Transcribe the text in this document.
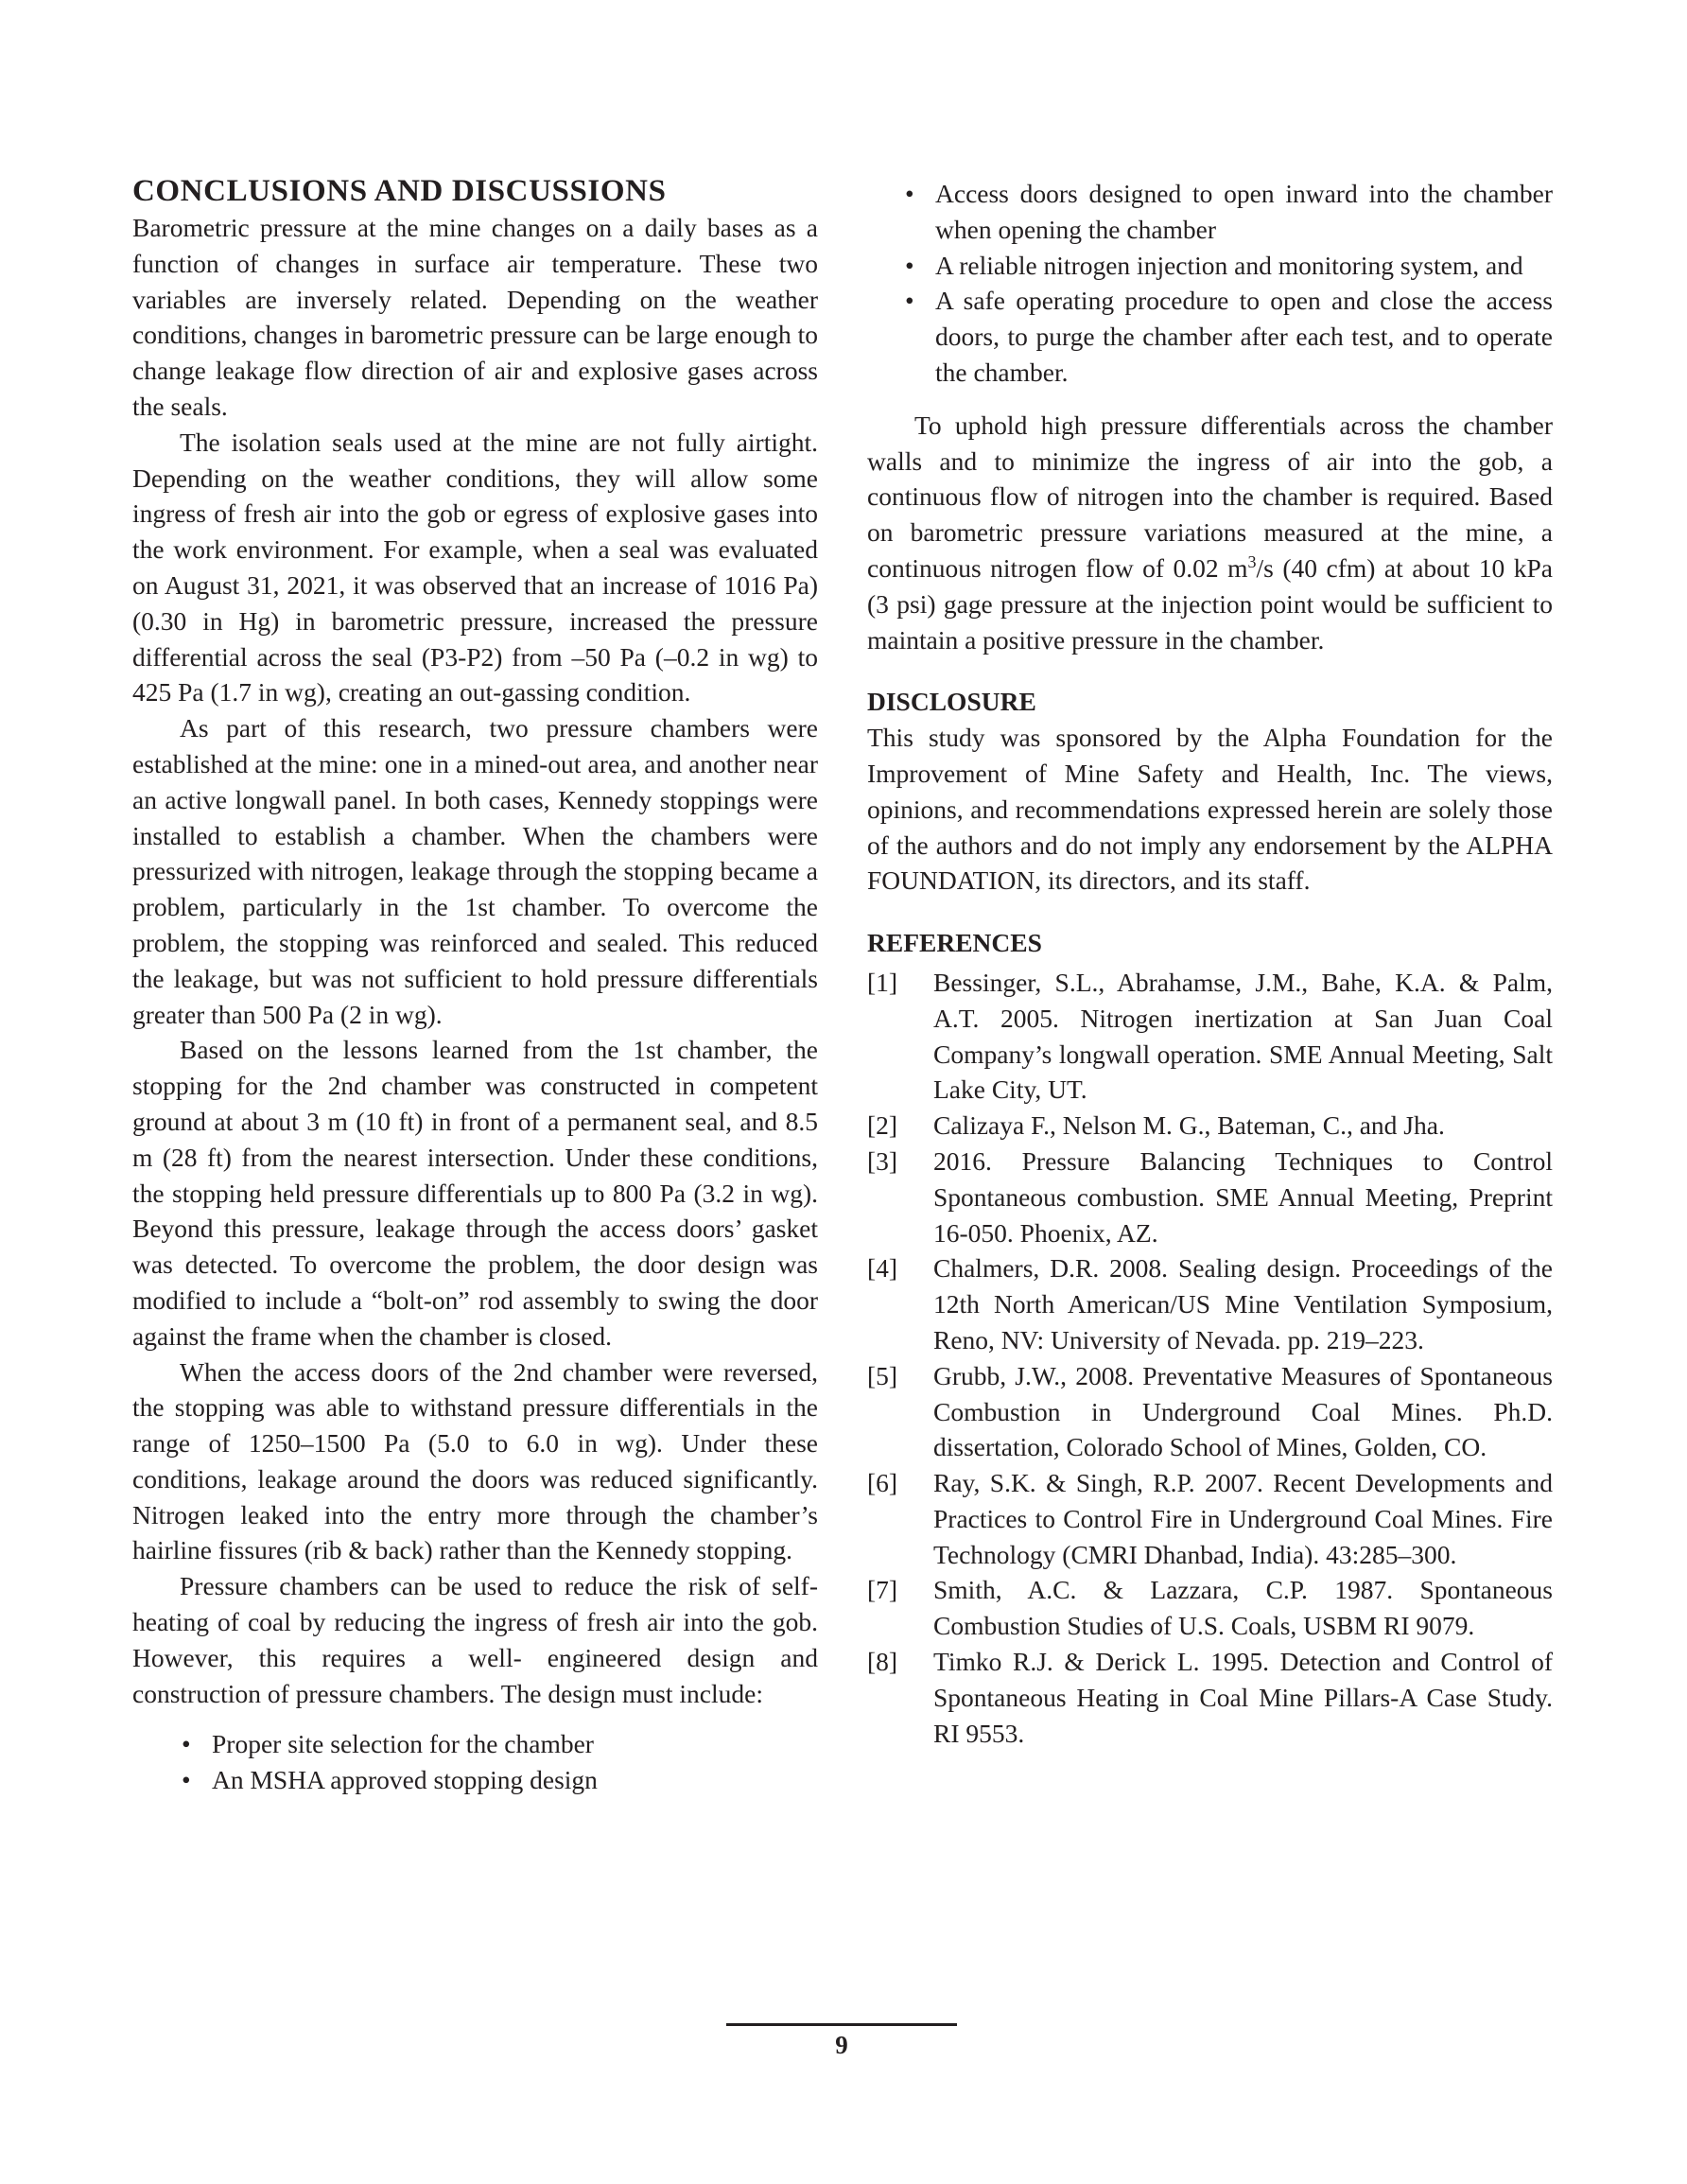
CONCLUSIONS AND DISCUSSIONS

Barometric pressure at the mine changes on a daily bases as a function of changes in surface air temperature. These two variables are inversely related. Depending on the weather conditions, changes in barometric pressure can be large enough to change leakage flow direction of air and explosive gases across the seals.

The isolation seals used at the mine are not fully airtight. Depending on the weather conditions, they will allow some ingress of fresh air into the gob or egress of explosive gases into the work environment. For example, when a seal was evaluated on August 31, 2021, it was observed that an increase of 1016 Pa) (0.30 in Hg) in barometric pressure, increased the pressure differential across the seal (P3-P2) from –50 Pa (–0.2 in wg) to 425 Pa (1.7 in wg), creating an out-gassing condition.

As part of this research, two pressure chambers were established at the mine: one in a mined-out area, and another near an active longwall panel. In both cases, Kennedy stoppings were installed to establish a chamber. When the chambers were pressurized with nitrogen, leakage through the stopping became a problem, particularly in the 1st chamber. To overcome the problem, the stopping was reinforced and sealed. This reduced the leakage, but was not sufficient to hold pressure differentials greater than 500 Pa (2 in wg).

Based on the lessons learned from the 1st chamber, the stopping for the 2nd chamber was constructed in competent ground at about 3 m (10 ft) in front of a permanent seal, and 8.5 m (28 ft) from the nearest intersection. Under these conditions, the stopping held pressure differentials up to 800 Pa (3.2 in wg). Beyond this pressure, leakage through the access doors’ gasket was detected. To overcome the problem, the door design was modified to include a “bolt-on” rod assembly to swing the door against the frame when the chamber is closed.

When the access doors of the 2nd chamber were reversed, the stopping was able to withstand pressure differentials in the range of 1250–1500 Pa (5.0 to 6.0 in wg). Under these conditions, leakage around the doors was reduced significantly. Nitrogen leaked into the entry more through the chamber’s hairline fissures (rib & back) rather than the Kennedy stopping.

Pressure chambers can be used to reduce the risk of self-heating of coal by reducing the ingress of fresh air into the gob. However, this requires a well- engineered design and construction of pressure chambers. The design must include:

• Proper site selection for the chamber
• An MSHA approved stopping design
• Access doors designed to open inward into the chamber when opening the chamber
• A reliable nitrogen injection and monitoring system, and
• A safe operating procedure to open and close the access doors, to purge the chamber after each test, and to operate the chamber.

To uphold high pressure differentials across the chamber walls and to minimize the ingress of air into the gob, a continuous flow of nitrogen into the chamber is required. Based on barometric pressure variations measured at the mine, a continuous nitrogen flow of 0.02 $m^3/s$ (40 cfm) at about 10 kPa (3 psi) gage pressure at the injection point would be sufficient to maintain a positive pressure in the chamber.

DISCLOSURE

This study was sponsored by the Alpha Foundation for the Improvement of Mine Safety and Health, Inc. The views, opinions, and recommendations expressed herein are solely those of the authors and do not imply any endorsement by the ALPHA FOUNDATION, its directors, and its staff.

REFERENCES
[1] Bessinger, S.L., Abrahamse, J.M., Bahe, K.A. & Palm, A.T. 2005. Nitrogen inertization at San Juan Coal Company’s longwall operation. SME Annual Meeting, Salt Lake City, UT.
[2] Calizaya F., Nelson M. G., Bateman, C., and Jha.
[3] 2016. Pressure Balancing Techniques to Control Spontaneous combustion. SME Annual Meeting, Preprint 16-050. Phoenix, AZ.
[4] Chalmers, D.R. 2008. Sealing design. Proceedings of the 12th North American/US Mine Ventilation Symposium, Reno, NV: University of Nevada. pp. 219–223.
[5] Grubb, J.W., 2008. Preventative Measures of Spontaneous Combustion in Underground Coal Mines. Ph.D. dissertation, Colorado School of Mines, Golden, CO.
[6] Ray, S.K. & Singh, R.P. 2007. Recent Developments and Practices to Control Fire in Underground Coal Mines. Fire Technology (CMRI Dhanbad, India). 43:285–300.
[7] Smith, A.C. & Lazzara, C.P. 1987. Spontaneous Combustion Studies of U.S. Coals, USBM RI 9079.
[8] Timko R.J. & Derick L. 1995. Detection and Control of Spontaneous Heating in Coal Mine Pillars-A Case Study. RI 9553.
9
